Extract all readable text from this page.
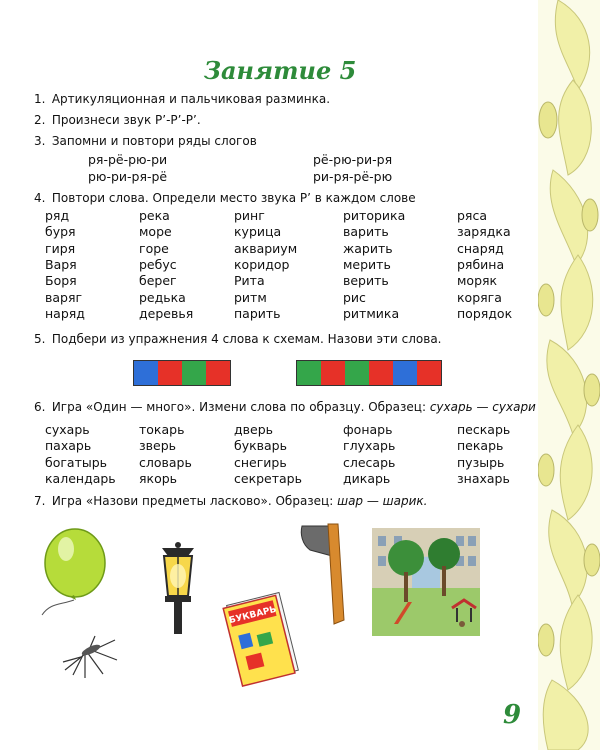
Занятие 5
1. Артикуляционная и пальчиковая разминка.
2. Произнеси звук Р’-Р’-Р’.
3. Запомни и повтори ряды слогов
ря-рё-рю-ри	рё-рю-ри-ря
рю-ри-ря-рё	ри-ря-рё-рю
4. Повтори слова. Определи место звука Р’ в каждом слове
ряд	река	ринг	риторика	ряса
буря	море	курица	варить	зарядка
гиря	горе	аквариум	жарить	снаряд
Варя	ребус	коридор	мерить	рябина
Боря	берег	Рита	верить	моряк
варяг	редька	ритм	рис	коряга
наряд	деревья	парить	ритмика	порядок
5. Подбери из упражнения 4 слова к схемам. Назови эти слова.
6. Игра «Один — много». Измени слова по образцу. Образец: сухарь — сухари
сухарь	токарь	дверь	фонарь	пескарь
пахарь	зверь	букварь	глухарь	пекарь
богатырь	словарь	снегирь	слесарь	пузырь
календарь якорь	секретарь	дикарь	знахарь
7. Игра «Назови предметы ласково». Образец: шар — шарик.
БУКВАРЬ
9
